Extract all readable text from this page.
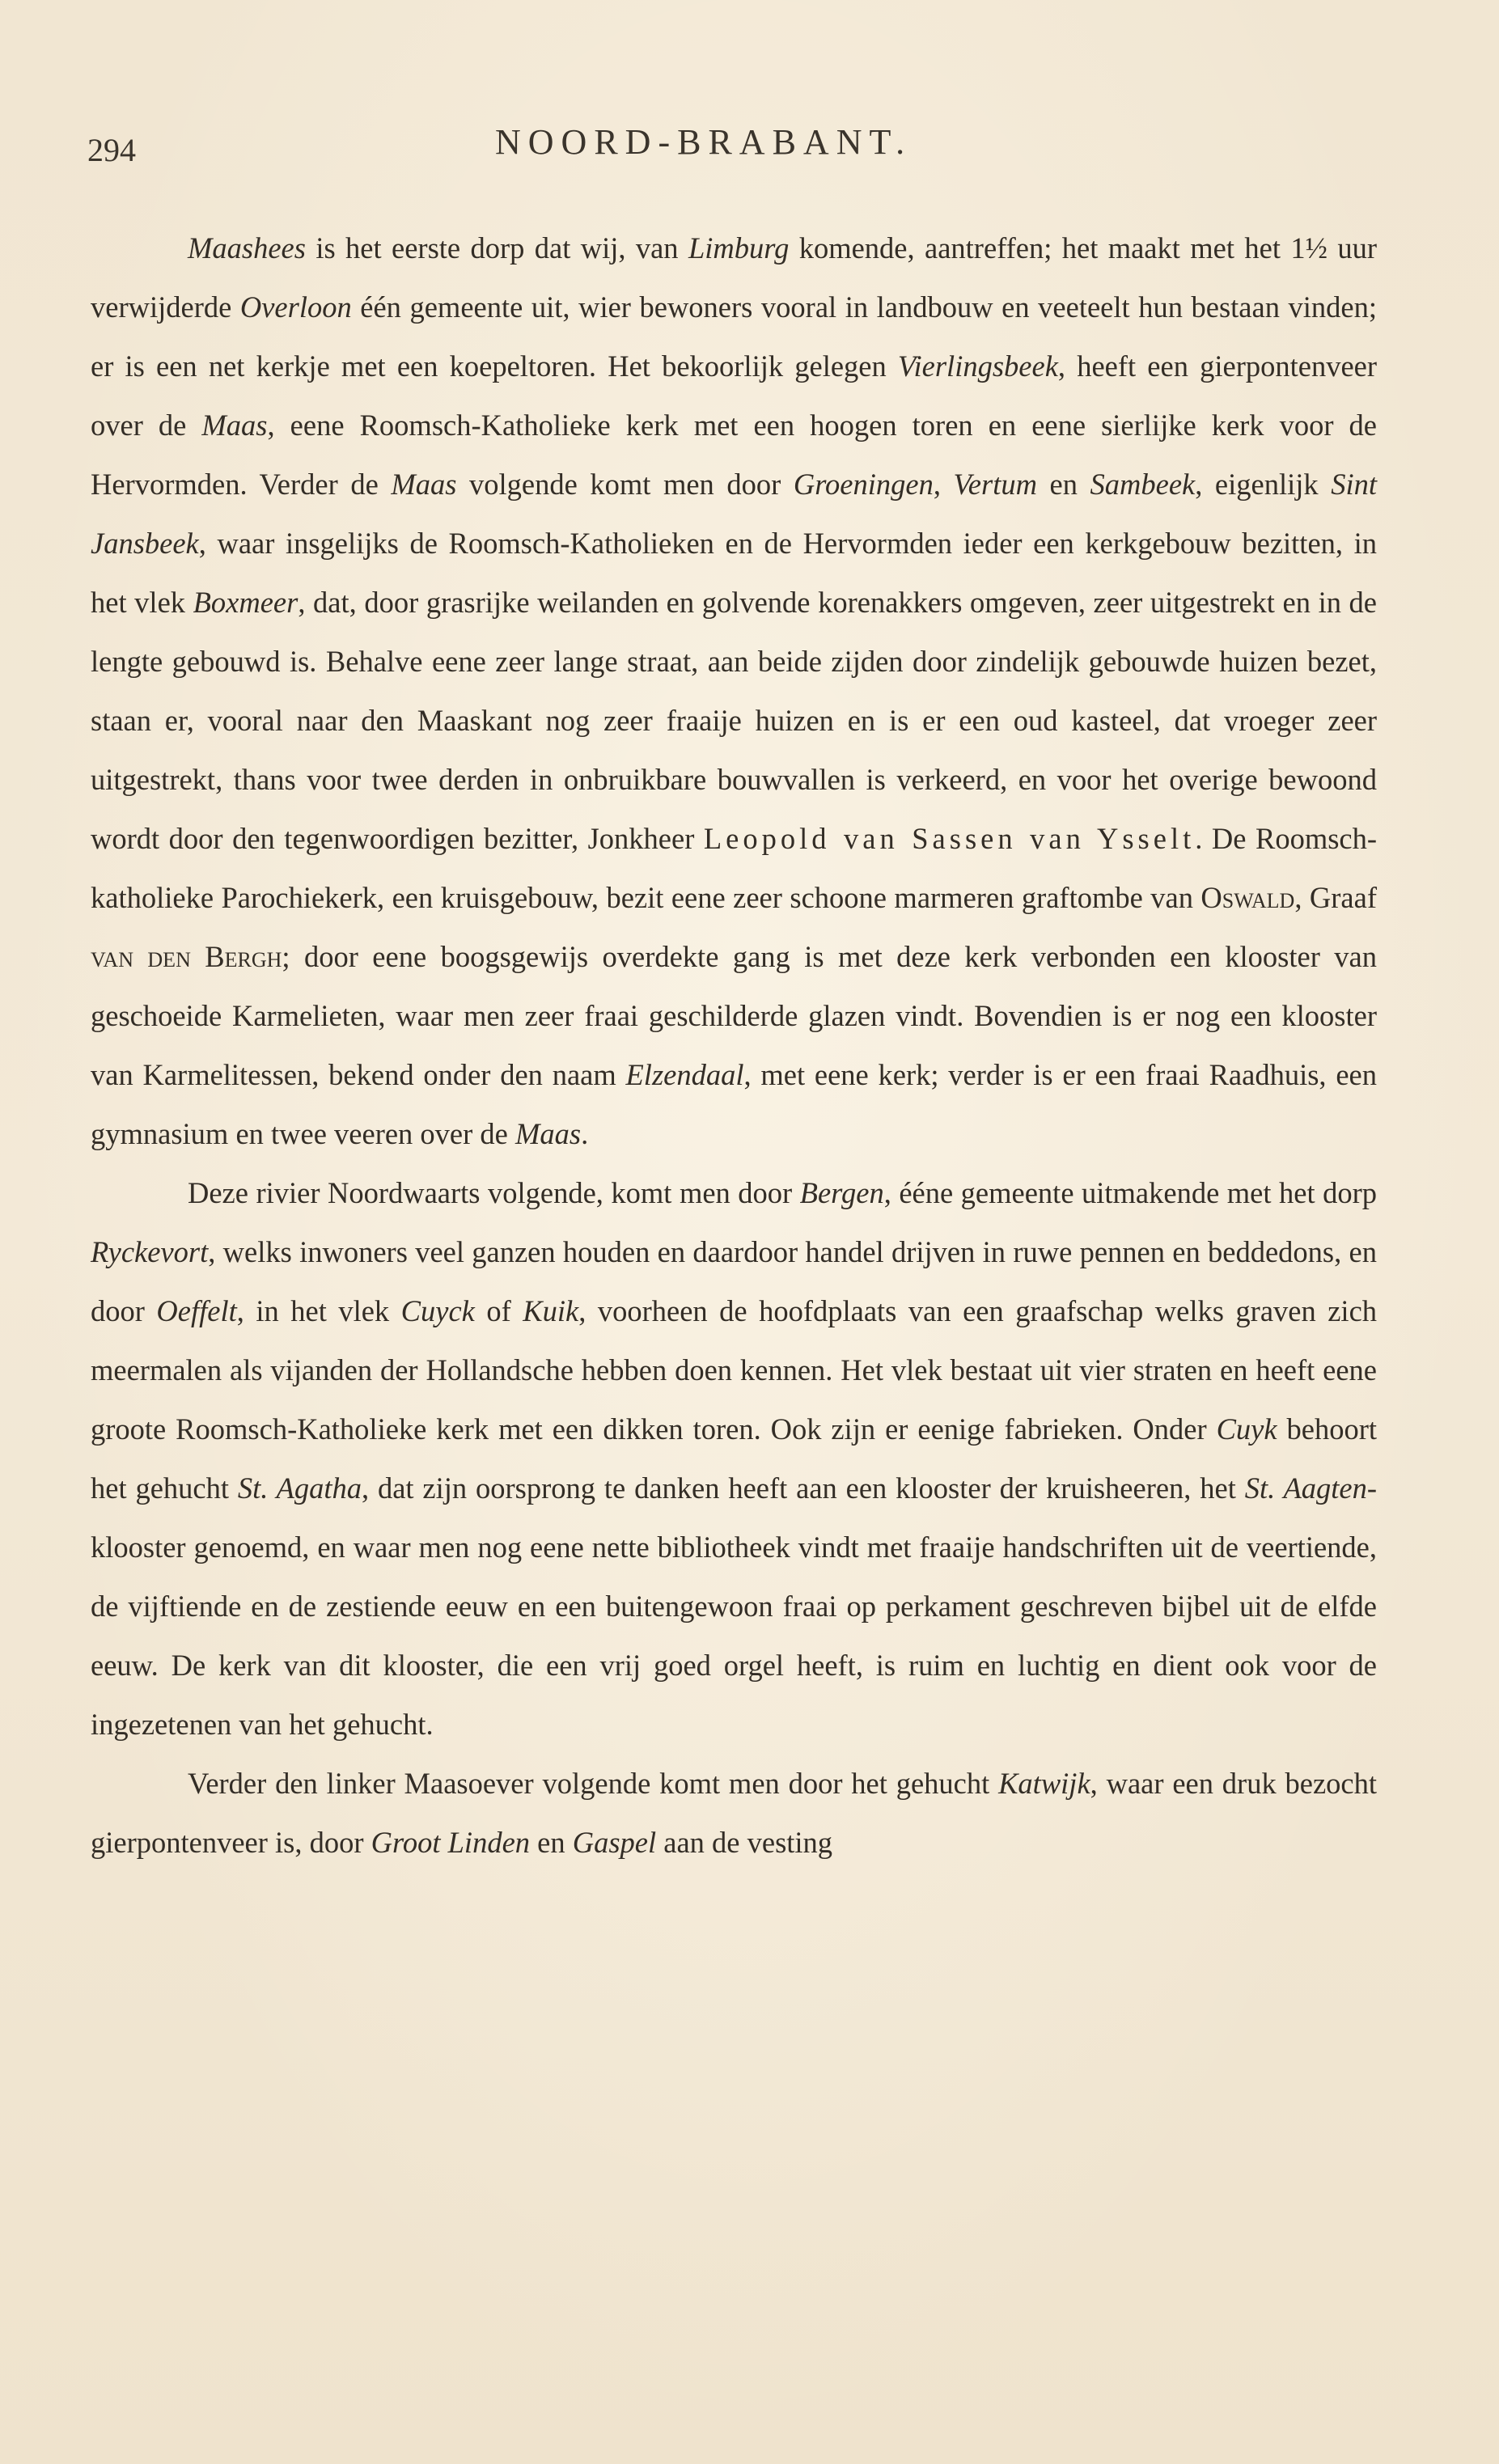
294	NOORD-BRABANT.

Maashees is het eerste dorp dat wij, van Limburg komende, aantreffen; het maakt met het 1½ uur verwijderde Overloon één gemeente uit, wier bewoners vooral in landbouw en veeteelt hun bestaan vinden; er is een net kerkje met een koepeltoren. Het bekoorlijk gelegen Vierlingsbeek, heeft een gierpontenveer over de Maas, eene Roomsch-Katholieke kerk met een hoogen toren en eene sierlijke kerk voor de Hervormden. Verder de Maas volgende komt men door Groeningen, Vertum en Sambeek, eigenlijk Sint Jansbeek, waar insgelijks de Roomsch-Katholieken en de Hervormden ieder een kerkgebouw bezitten, in het vlek Boxmeer, dat, door grasrijke weilanden en golvende korenakkers omgeven, zeer uitgestrekt en in de lengte gebouwd is. Behalve eene zeer lange straat, aan beide zijden door zindelijk gebouwde huizen bezet, staan er, vooral naar den Maaskant nog zeer fraaije huizen en is er een oud kasteel, dat vroeger zeer uitgestrekt, thans voor twee derden in onbruikbare bouwvallen is verkeerd, en voor het overige bewoond wordt door den tegenwoordigen bezitter, Jonkheer Leopold van Sassen van Ysselt. De Roomsch-katholieke Parochiekerk, een kruisgebouw, bezit eene zeer schoone marmeren graftombe van Oswald, Graaf van den Bergh; door eene boogsgewijs overdekte gang is met deze kerk verbonden een klooster van geschoeide Karmelieten, waar men zeer fraai geschilderde glazen vindt. Bovendien is er nog een klooster van Karmelitessen, bekend onder den naam Elzendaal, met eene kerk; verder is er een fraai Raadhuis, een gymnasium en twee veeren over de Maas.

Deze rivier Noordwaarts volgende, komt men door Bergen, ééne gemeente uitmakende met het dorp Ryckevort, welks inwoners veel ganzen houden en daardoor handel drijven in ruwe pennen en beddedons, en door Oeffelt, in het vlek Cuyck of Kuik, voorheen de hoofdplaats van een graafschap welks graven zich meermalen als vijanden der Hollandsche hebben doen kennen. Het vlek bestaat uit vier straten en heeft eene groote Roomsch-Katholieke kerk met een dikken toren. Ook zijn er eenige fabrieken. Onder Cuyk behoort het gehucht St. Agatha, dat zijn oorsprong te danken heeft aan een klooster der kruisheeren, het St. Aagten-klooster genoemd, en waar men nog eene nette bibliotheek vindt met fraaije handschriften uit de veertiende, de vijftiende en de zestiende eeuw en een buitengewoon fraai op perkament geschreven bijbel uit de elfde eeuw. De kerk van dit klooster, die een vrij goed orgel heeft, is ruim en luchtig en dient ook voor de ingezetenen van het gehucht.

Verder den linker Maasoever volgende komt men door het gehucht Katwijk, waar een druk bezocht gierpontenveer is, door Groot Linden en Gaspel aan de vesting
